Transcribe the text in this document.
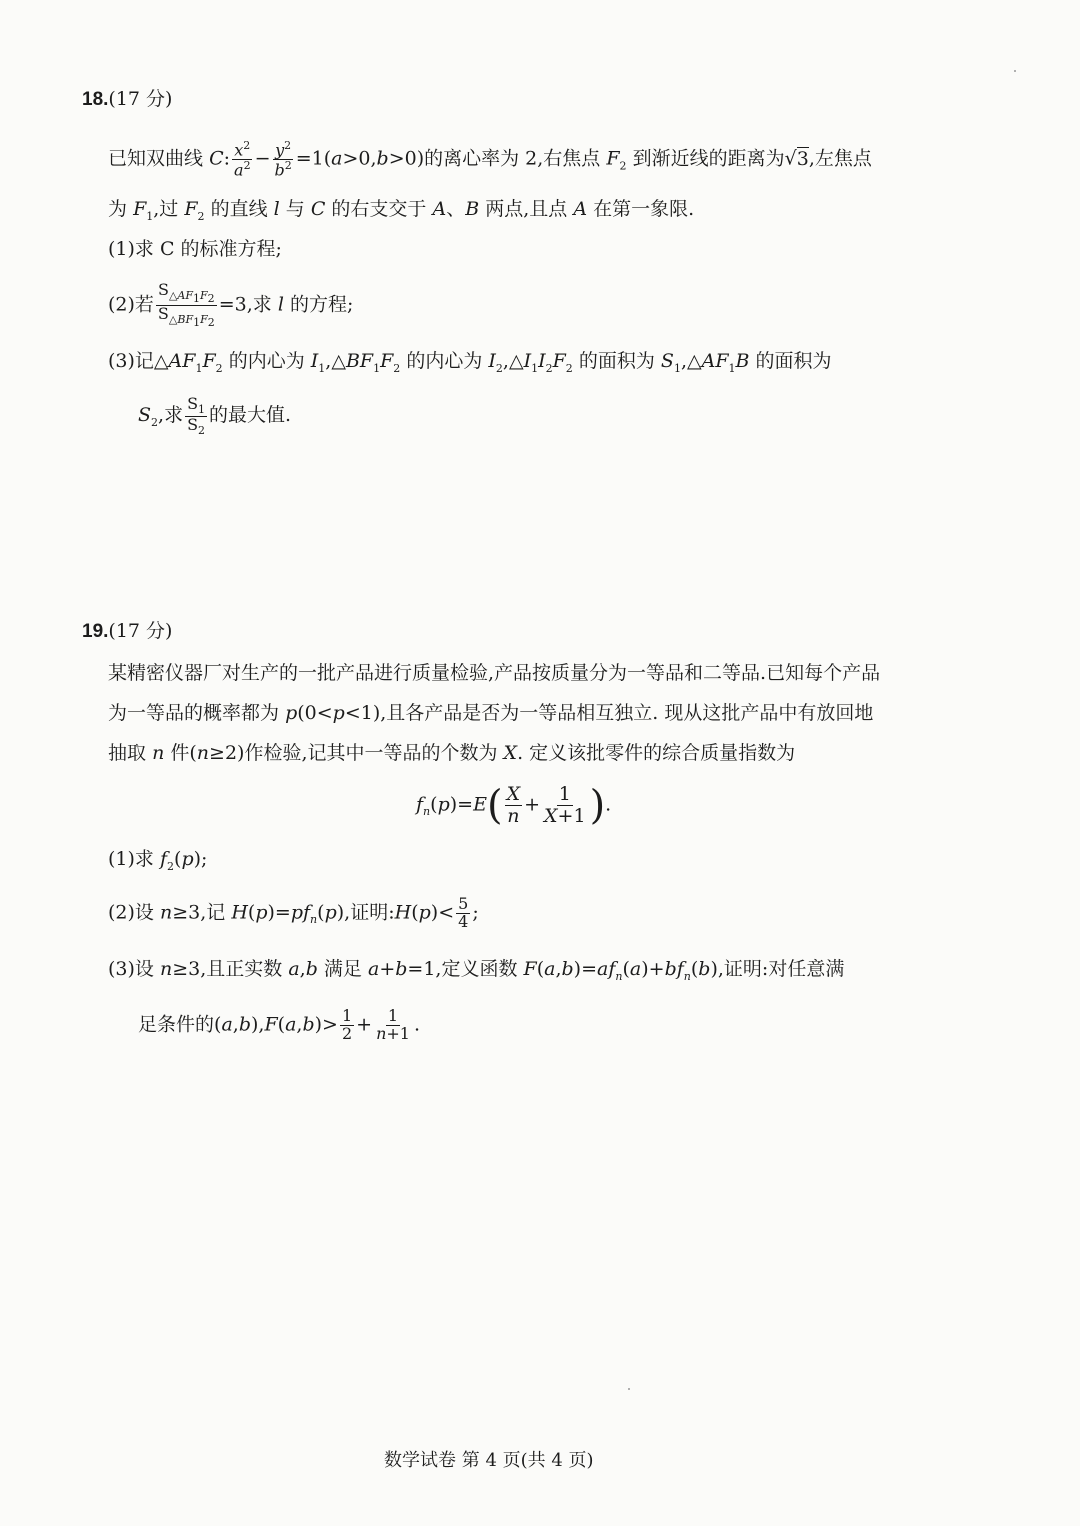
18.(17 分)
已知双曲线 C: $\frac{x^2}{a^2} - \frac{y^2}{b^2} =1(a>0,b>0)$的离心率为 2,右焦点 $F_2$ 到渐近线的距离为√3,左焦点
为 $F_1$,过 $F_2$ 的直线 l 与 C 的右支交于 A、B 两点,且点 A 在第一象限.
(1)求 C 的标准方程;
(2)若 $\frac{S_{\triangle AF_1F_2}}{S_{\triangle BF_1F_2}} =3$,求 l 的方程;
(3)记$\triangle AF_1F_2$ 的内心为 $I_1,\triangle BF_1F_2$ 的内心为 $I_2,\triangle I_1I_2F_2$ 的面积为 $S_1,\triangle AF_1B$ 的面积为
$S_2$,求 $\frac{S_1}{S_2}$ 的最大值.
19.(17 分)
某精密仪器厂对生产的一批产品进行质量检验,产品按质量分为一等品和二等品.已知每个产品
为一等品的概率都为 p(0<p<1),且各产品是否为一等品相互独立. 现从这批产品中有放回地
抽取 n 件(n≥2)作检验,记其中一等品的个数为 X. 定义该批零件的综合质量指数为
$f_n(p)=E( \frac{X}{n} + \frac{1}{X+1}$ ).
(1)求 $f_2(p)$;
(2)设 n≥3,记 $H(p)=pf_n(p)$,证明:H(p)< $\frac{5}{4}$ ;
(3)设 n≥3,且正实数 a,b 满足 a+b=1,定义函数 $F(a,b)=af_n(a)+bf_n(b)$,证明:对任意满
足条件的$(a,b),F(a,b)> \frac{1}{2} + \frac{1}{n+1}$ .
数学试卷 第 4 页(共 4 页)
